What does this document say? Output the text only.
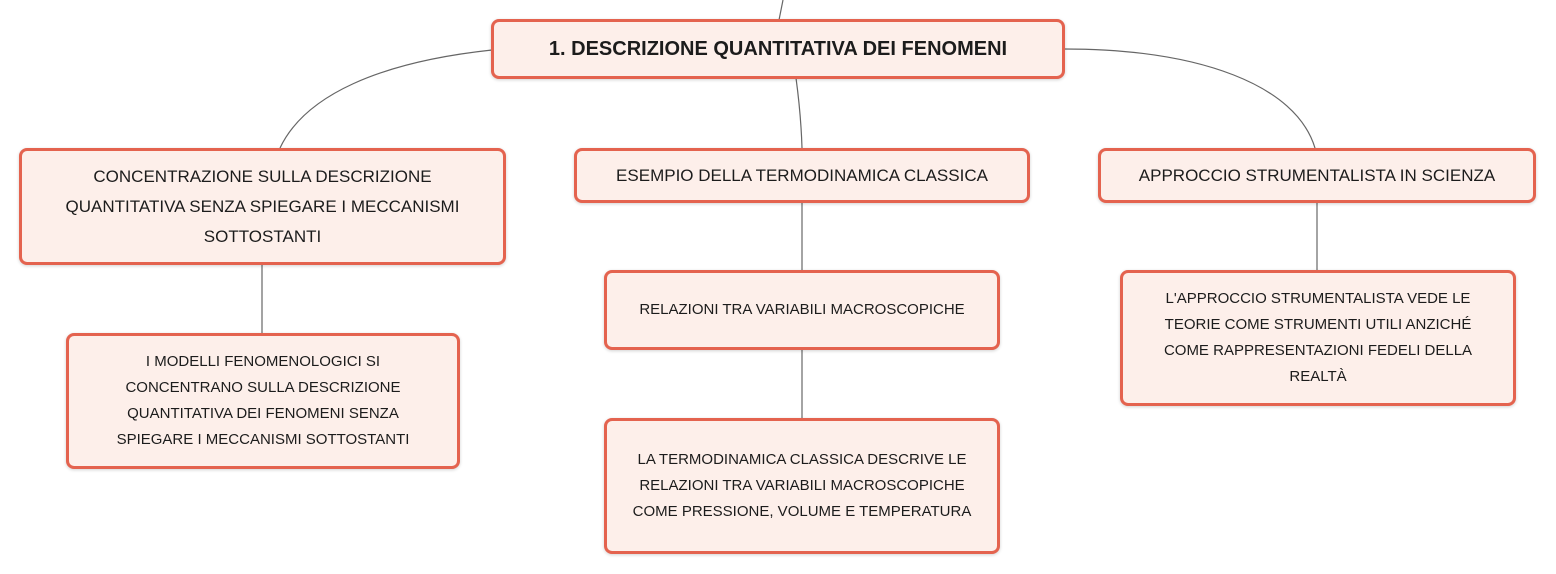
1. DESCRIZIONE QUANTITATIVA DEI FENOMENI
CONCENTRAZIONE SULLA DESCRIZIONE QUANTITATIVA SENZA SPIEGARE I MECCANISMI SOTTOSTANTI
ESEMPIO DELLA TERMODINAMICA CLASSICA	APPROCCIO STRUMENTALISTA IN SCIENZA
I MODELLI FENOMENOLOGICI SI CONCENTRANO SULLA DESCRIZIONE QUANTITATIVA DEI FENOMENI SENZA SPIEGARE I MECCANISMI SOTTOSTANTI
RELAZIONI TRA VARIABILI MACROSCOPICHE
LA TERMODINAMICA CLASSICA DESCRIVE LE RELAZIONI TRA VARIABILI MACROSCOPICHE COME PRESSIONE, VOLUME E TEMPERATURA
L'APPROCCIO STRUMENTALISTA VEDE LE TEORIE COME STRUMENTI UTILI ANZICHÉ COME RAPPRESENTAZIONI FEDELI DELLA REALTÀ
